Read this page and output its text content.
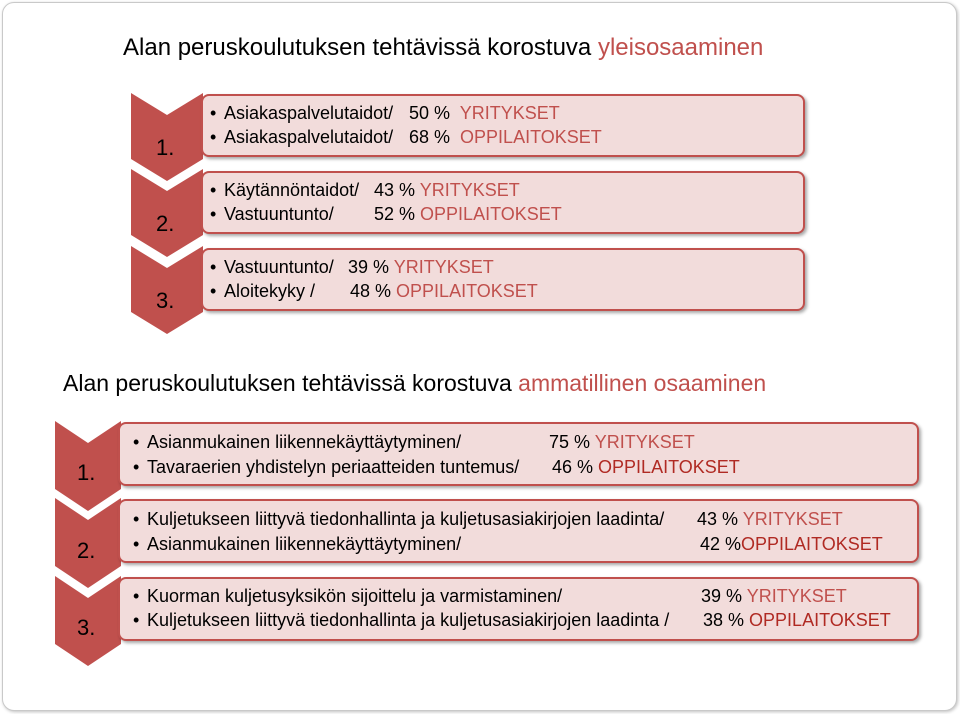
Alan peruskoulutuksen tehtävissä korostuva yleisosaaminen
1.
• Asiakaspalvelutaidot/ 50 % YRITYKSET
• Asiakaspalvelutaidot/ 68 % OPPILAITOKSET
2.
• Käytännöntaidot/ 43 % YRITYKSET
• Vastuuntunto/ 52 % OPPILAITOKSET
3.
• Vastuuntunto/ 39 % YRITYKSET
• Aloitekyky / 48 % OPPILAITOKSET
Alan peruskoulutuksen tehtävissä korostuva ammatillinen osaaminen
1.
• Asianmukainen liikennekäyttäytyminen/	75 % YRITYKSET
• Tavaraerien yhdistelyn periaatteiden tuntemus/ 46 % OPPILAITOKSET
2.
• Kuljetukseen liittyvä tiedonhallinta ja kuljetusasiakirjojen laadinta/ 43 % YRITYKSET
• Asianmukainen liikennekäyttäytyminen/	42 %OPPILAITOKSET
3.
• Kuorman kuljetusyksikön sijoittelu ja varmistaminen/	39 % YRITYKSET
• Kuljetukseen liittyvä tiedonhallinta ja kuljetusasiakirjojen laadinta / 38 % OPPILAITOKSET
